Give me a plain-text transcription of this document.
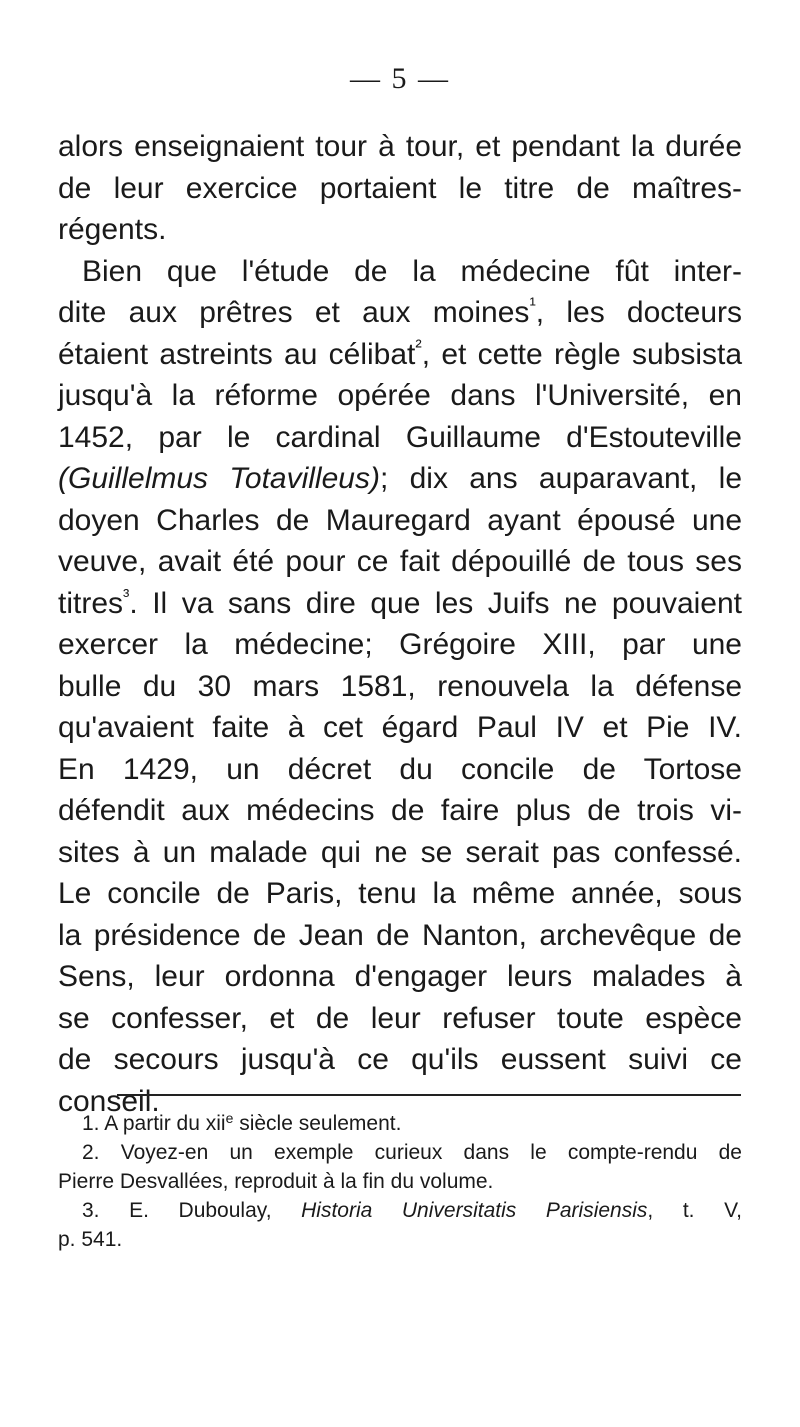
— 5 —
alors enseignaient tour à tour, et pendant la durée
de leur exercice portaient le titre de maîtres-
régents.
Bien que l'étude de la médecine fût inter-
dite aux prêtres et aux moines$^{^1}$, les docteurs
étaient astreints au célibat$^{^2}$, et cette règle subsista
jusqu'à la réforme opérée dans l'Université, en
1452, par le cardinal Guillaume d'Estouteville
(Guillelmus Totavilleus); dix ans auparavant, le
doyen Charles de Mauregard ayant épousé une
veuve, avait été pour ce fait dépouillé de tous ses
titres$^{^3}$. Il va sans dire que les Juifs ne pouvaient
exercer la médecine; Grégoire XIII, par une
bulle du 30 mars 1581, renouvela la défense
qu'avaient faite à cet égard Paul IV et Pie IV.
En 1429, un décret du concile de Tortose
défendit aux médecins de faire plus de trois vi-
sites à un malade qui ne se serait pas confessé.
Le concile de Paris, tenu la même année, sous
la présidence de Jean de Nanton, archevêque de
Sens, leur ordonna d'engager leurs malades à
se confesser, et de leur refuser toute espèce
de secours jusqu'à ce qu'ils eussent suivi ce
conseil.
1. A partir du xii$^e$ siècle seulement.
2. Voyez-en un exemple curieux dans le compte-rendu de
Pierre Desvallées, reproduit à la fin du volume.
3. E. Duboulay, Historia Universitatis Parisiensis, t. V,
p. 541.
